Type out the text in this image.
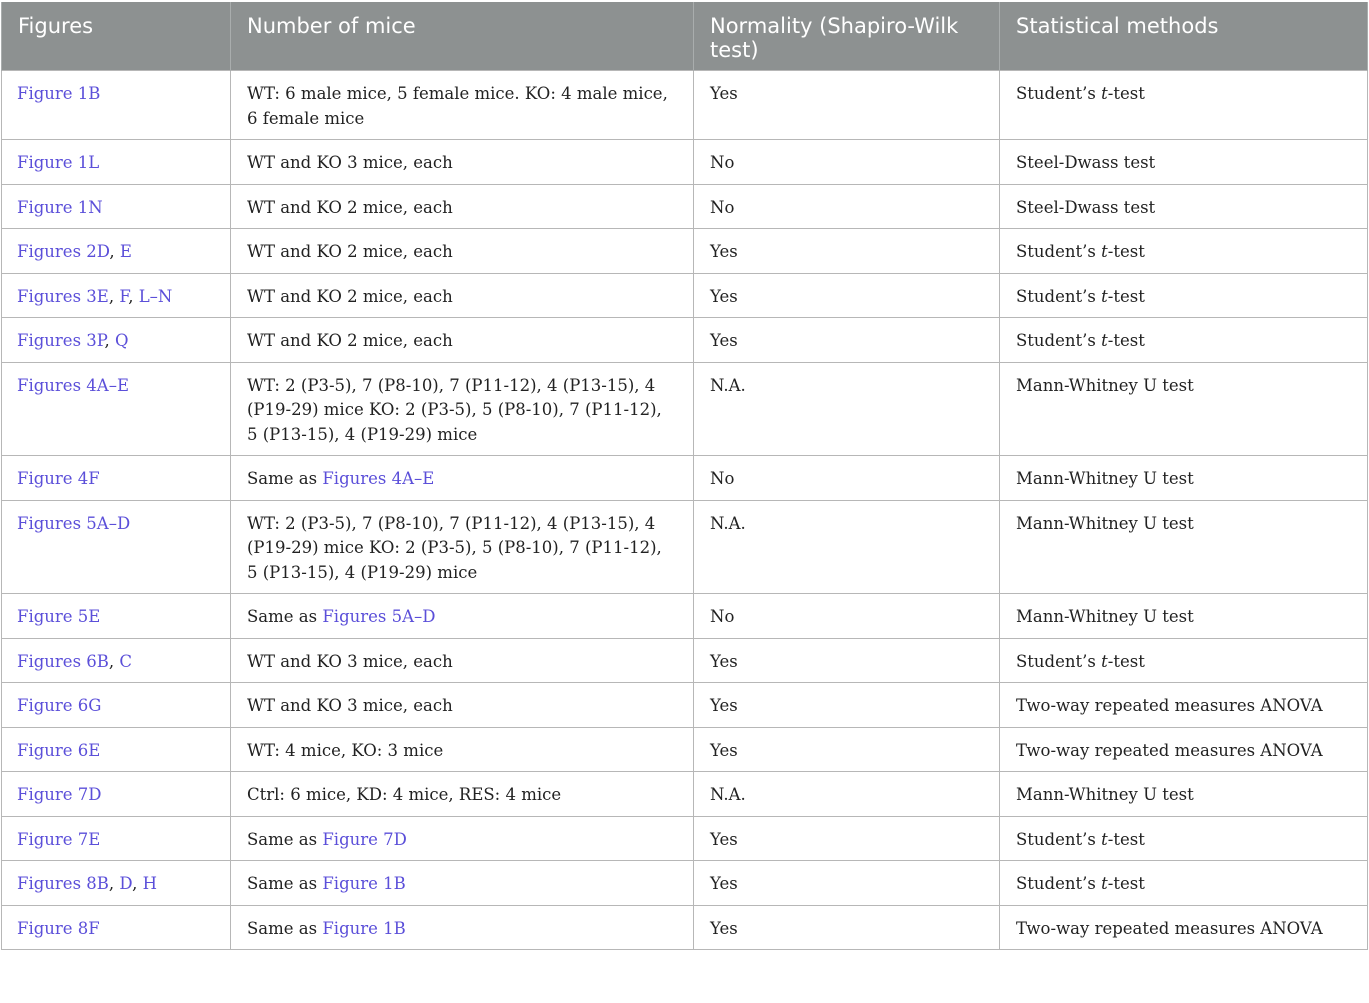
Figures	Number of mice	Normality (Shapiro-Wilk test)	Statistical methods
Figure 1B	WT: 6 male mice, 5 female mice. KO: 4 male mice, 6 female mice	Yes	Student’s t-test
Figure 1L	WT and KO 3 mice, each	No	Steel-Dwass test
Figure 1N	WT and KO 2 mice, each	No	Steel-Dwass test
Figures 2D, E	WT and KO 2 mice, each	Yes	Student’s t-test
Figures 3E, F, L–N	WT and KO 2 mice, each	Yes	Student’s t-test
Figures 3P, Q	WT and KO 2 mice, each	Yes	Student’s t-test
Figures 4A–E	WT: 2 (P3-5), 7 (P8-10), 7 (P11-12), 4 (P13-15), 4 (P19-29) mice KO: 2 (P3-5), 5 (P8-10), 7 (P11-12), 5 (P13-15), 4 (P19-29) mice	N.A.	Mann-Whitney U test
Figure 4F	Same as Figures 4A–E	No	Mann-Whitney U test
Figures 5A–D	WT: 2 (P3-5), 7 (P8-10), 7 (P11-12), 4 (P13-15), 4 (P19-29) mice KO: 2 (P3-5), 5 (P8-10), 7 (P11-12), 5 (P13-15), 4 (P19-29) mice	N.A.	Mann-Whitney U test
Figure 5E	Same as Figures 5A–D	No	Mann-Whitney U test
Figures 6B, C	WT and KO 3 mice, each	Yes	Student’s t-test
Figure 6G	WT and KO 3 mice, each	Yes	Two-way repeated measures ANOVA
Figure 6E	WT: 4 mice, KO: 3 mice	Yes	Two-way repeated measures ANOVA
Figure 7D	Ctrl: 6 mice, KD: 4 mice, RES: 4 mice	N.A.	Mann-Whitney U test
Figure 7E	Same as Figure 7D	Yes	Student’s t-test
Figures 8B, D, H	Same as Figure 1B	Yes	Student’s t-test
Figure 8F	Same as Figure 1B	Yes	Two-way repeated measures ANOVA
